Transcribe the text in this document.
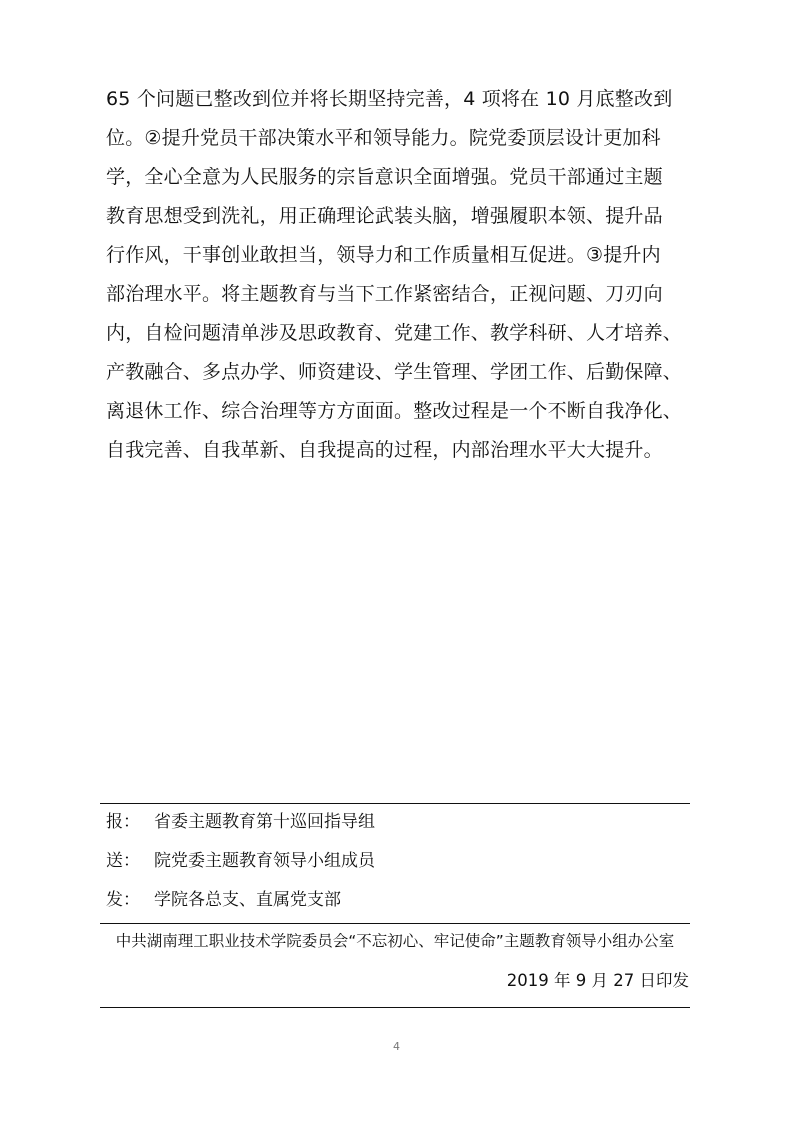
65 个问题已整改到位并将长期坚持完善，4 项将在 10 月底整改到
位。②提升党员干部决策水平和领导能力。院党委顶层设计更加科
学，全心全意为人民服务的宗旨意识全面增强。党员干部通过主题
教育思想受到洗礼，用正确理论武装头脑，增强履职本领、提升品
行作风，干事创业敢担当，领导力和工作质量相互促进。③提升内
部治理水平。将主题教育与当下工作紧密结合，正视问题、刀刃向
内，自检问题清单涉及思政教育、党建工作、教学科研、人才培养、
产教融合、多点办学、师资建设、学生管理、学团工作、后勤保障、
离退休工作、综合治理等方方面面。整改过程是一个不断自我净化、
自我完善、自我革新、自我提高的过程，内部治理水平大大提升。
报： 省委主题教育第十巡回指导组
送： 院党委主题教育领导小组成员
发： 学院各总支、直属党支部
中共湖南理工职业技术学院委员会“不忘初心、牢记使命”主题教育领导小组办公室
2019 年 9 月 27 日印发
4
